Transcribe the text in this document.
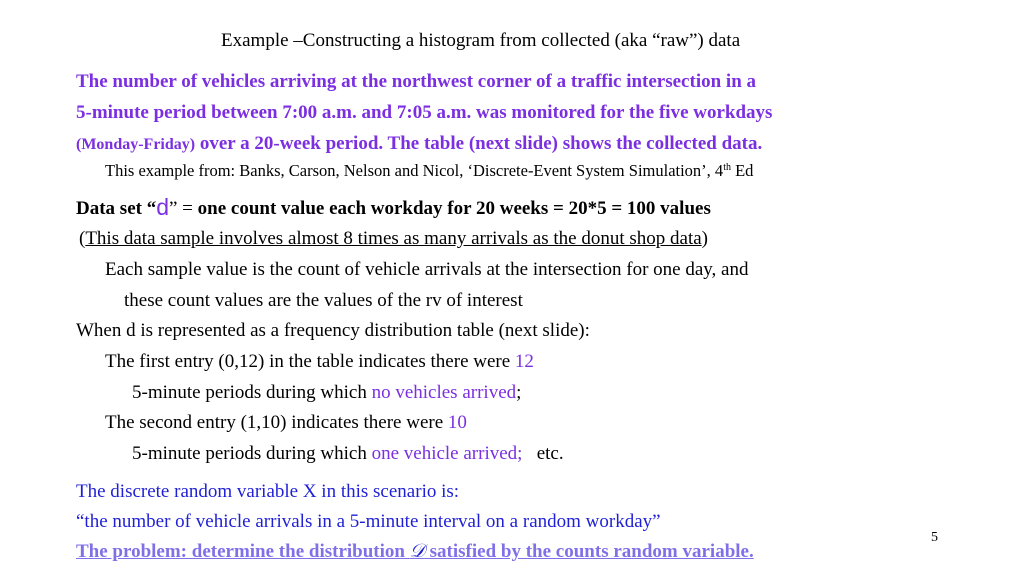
Example –Constructing a histogram from collected (aka “raw”) data
The number of vehicles arriving at the northwest corner of a traffic intersection in a
5-minute period between 7:00 a.m. and 7:05 a.m. was monitored for the five workdays
(Monday-Friday) over a 20-week period. The table (next slide) shows the collected data.
This example from: Banks, Carson, Nelson and Nicol, ‘Discrete-Event System Simulation’, 4th Ed
Data set “d” = one count value each workday for 20 weeks = 20*5 = 100 values
(This data sample involves almost 8 times as many arrivals as the donut shop data)
Each sample value is the count of vehicle arrivals at the intersection for one day, and
these count values are the values of the rv of interest
When d is represented as a frequency distribution table (next slide):
The first entry (0,12) in the table indicates there were 12
5-minute periods during which no vehicles arrived;
The second entry (1,10) indicates there were 10
5-minute periods during which one vehicle arrived;   etc.
The discrete random variable X in this scenario is:
“the number of vehicle arrivals in a 5-minute interval on a random workday”
The problem: determine the distribution 𝒟 satisfied by the counts random variable.
5
